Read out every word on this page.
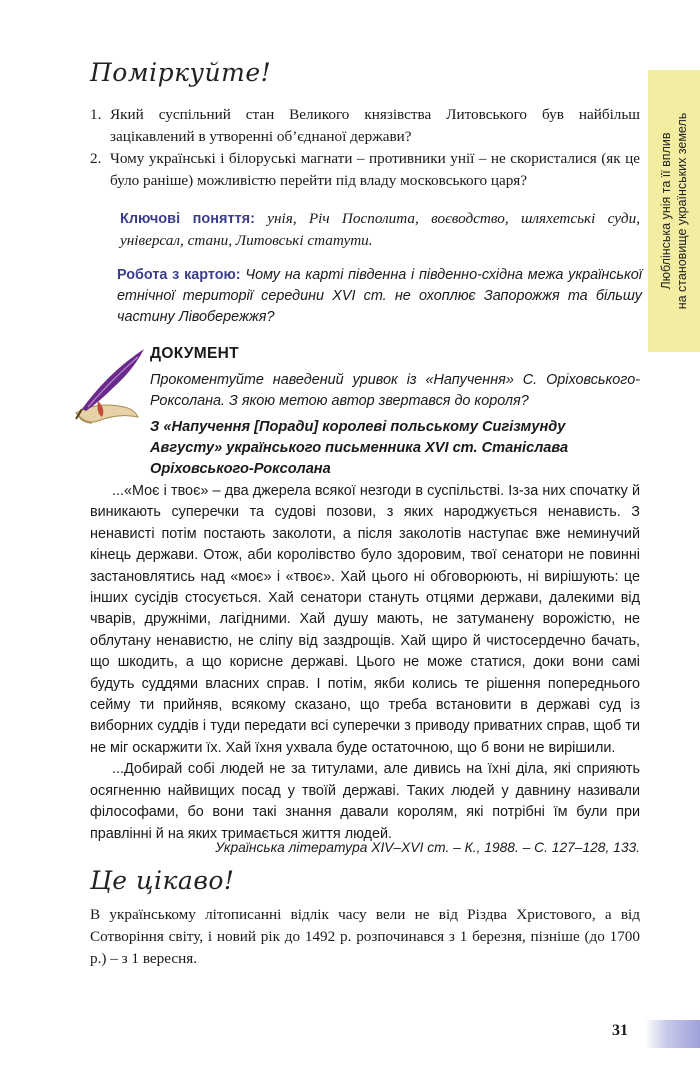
Люблінська унія та її вплив на становище українських земель
Поміркуйте!
1. Який суспільний стан Великого князівства Литовського був найбільш зацікавлений в утворенні об’єднаної держави?
2. Чому українські і білоруські магнати – противники унії – не скористалися (як це було раніше) можливістю перейти під владу московського царя?
Ключові поняття: унія, Річ Посполита, воєводство, шляхетські суди, універсал, стани, Литовські статути.
Робота з картою: Чому на карті південна і південно-східна межа української етнічної території середини XVI ст. не охоплює Запорожжя та більшу частину Лівобережжя?
ДОКУМЕНТ
Прокоментуйте наведений уривок із «Напучення» С. Оріховського-Роксолана. З якою метою автор звертався до короля?
З «Напучення [Поради] королеві польському Сигізмунду Августу» українського письменника XVI ст. Станіслава Оріховського-Роксолана

...«Моє і твоє» – два джерела всякої незгоди в суспільстві. Із-за них спочатку й виникають суперечки та судові позови, з яких народжується ненависть. З ненависті потім постають заколоти, а після заколотів наступає вже неминучий кінець держави. Отож, аби королівство було здоровим, твої сенатори не повинні застановлятись над «моє» і «твоє». Хай цього ні обговорюють, ні вирішують: це інших сусідів стосується. Хай сенатори стануть отцями держави, далекими від чварів, дружніми, лагідними. Хай душу мають, не затуманену ворожістю, не облутану ненавистю, не сліпу від заздрощів. Хай щиро й чистосердечно бачать, що шкодить, а що корисне державі. Цього не може статися, доки вони самі будуть суддями власних справ. І потім, якби колись те рішення попереднього сейму ти прийняв, всякому сказано, що треба встановити в державі суд із виборних суддів і туди передати всі суперечки з приводу приватних справ, щоб ти не міг оскаржити їх. Хай їхня ухвала буде остаточною, що б вони не вирішили.

...Добирай собі людей не за титулами, але дивись на їхні діла, які сприяють осягненню найвищих посад у твоїй державі. Таких людей у давнину називали філософами, бо вони такі знання давали королям, які потрібні їм були при правлінні й на яких тримається життя людей.

Українська література XIV–XVI ст. – К., 1988. – С. 127–128, 133.
Це цікаво!
В українському літописанні відлік часу вели не від Різдва Христового, а від Сотворіння світу, і новий рік до 1492 р. розпочинався з 1 березня, пізніше (до 1700 р.) – з 1 вересня.
31
